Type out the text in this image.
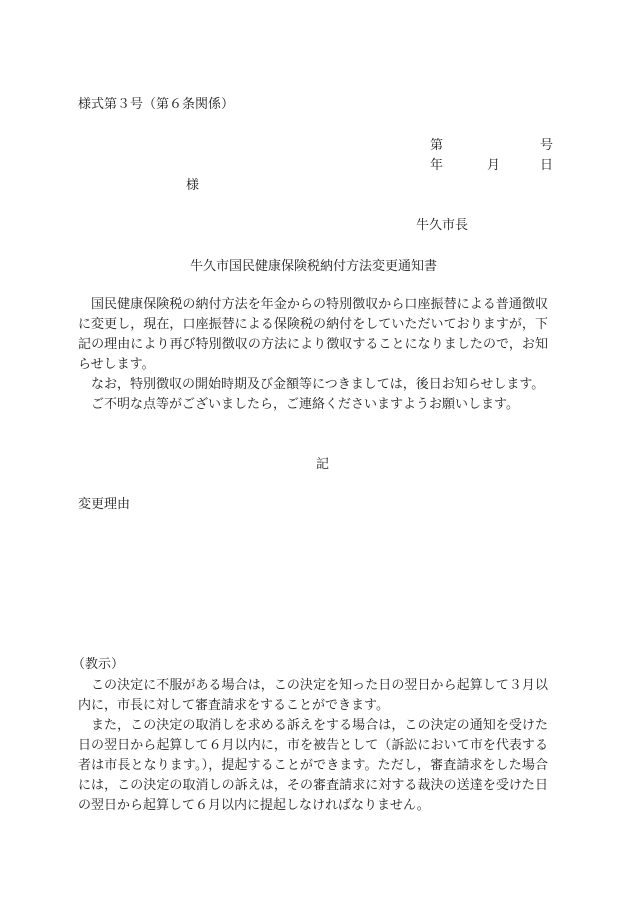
様式第３号（第６条関係）
第	号
年	月	日
様
牛久市長
牛久市国民健康保険税納付方法変更通知書

国民健康保険税の納付方法を年金からの特別徴収から口座振替による普通徴収に変更し，現在，口座振替による保険税の納付をしていただいておりますが，下記の理由により再び特別徴収の方法により徴収することになりましたので，お知らせします。

なお，特別徴収の開始時期及び金額等につきましては，後日お知らせします。

ご不明な点等がございましたら，ご連絡くださいますようお願いします。

記
変更理由
（教示）

この決定に不服がある場合は，この決定を知った日の翌日から起算して３月以内に，市長に対して審査請求をすることができます。

また，この決定の取消しを求める訴えをする場合は，この決定の通知を受けた日の翌日から起算して６月以内に，市を被告として（訴訟において市を代表する者は市長となります。），提起することができます。ただし，審査請求をした場合には，この決定の取消しの訴えは，その審査請求に対する裁決の送達を受けた日の翌日から起算して６月以内に提起しなければなりません。
